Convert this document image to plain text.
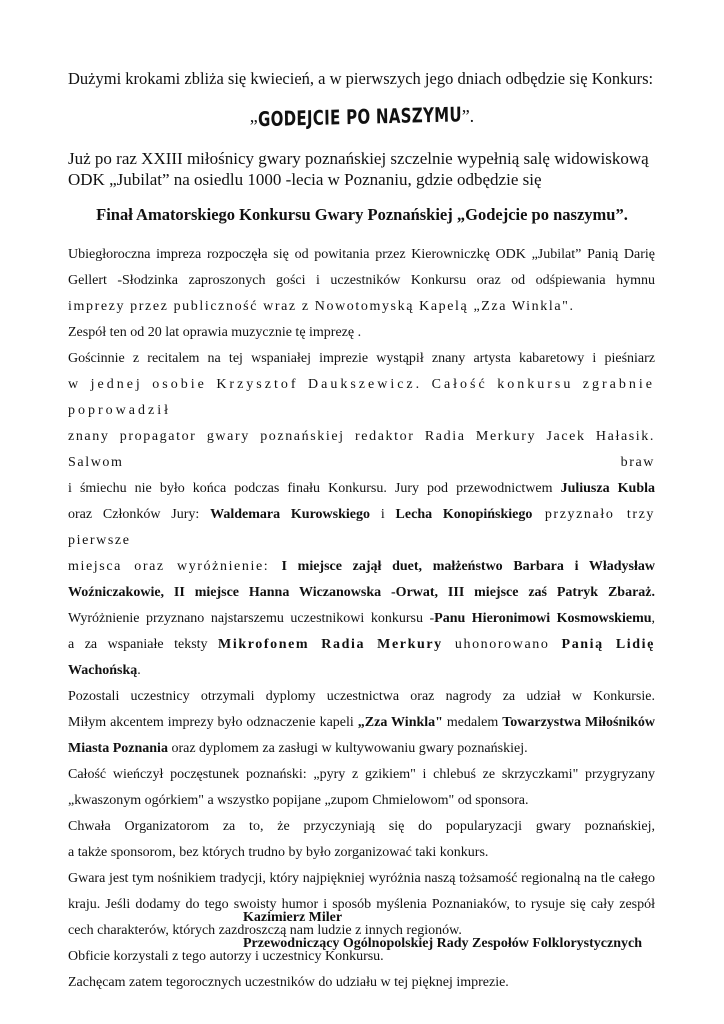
Dużymi krokami zbliża się kwiecień, a w pierwszych jego dniach odbędzie się Konkurs:
„GODEJCIE PO NASZYMU”.

Już po raz XXIII miłośnicy gwary poznańskiej szczelnie wypełnią salę widowiskową

ODK „Jubilat” na osiedlu 1000 -lecia w Poznaniu, gdzie odbędzie się

Finał Amatorskiego Konkursu Gwary Poznańskiej „Godejcie po naszymu”.

Ubiegłoroczna impreza rozpoczęła się od powitania przez Kierowniczkę ODK „Jubilat” Panią Darię

Gellert -Słodzinka zaproszonych gości i uczestników Konkursu oraz od odśpiewania hymnu

imprezy przez publiczność wraz z Nowotomyską Kapelą „Zza Winkla".

Zespół ten od 20 lat oprawia muzycznie tę imprezę .

Gościnnie z recitalem na tej wspaniałej imprezie wystąpił znany artysta kabaretowy i pieśniarz

w jednej osobie Krzysztof Daukszewicz. Całość konkursu zgrabnie poprowadził

znany propagator gwary poznańskiej redaktor Radia Merkury Jacek Hałasik. Salwom braw

i śmiechu nie było końca podczas finału Konkursu. Jury pod przewodnictwem Juliusza Kubla

oraz Członków Jury: Waldemara Kurowskiego i Lecha Konopińskiego przyznało trzy pierwsze

miejsca oraz wyróżnienie: I miejsce zajął duet, małżeństwo Barbara i Władysław

Woźniczakowie, II miejsce Hanna Wiczanowska -Orwat, III miejsce zaś Patryk Zbaraż.

Wyróżnienie przyznano najstarszemu uczestnikowi konkursu -Panu Hieronimowi Kosmowskiemu,

a za wspaniałe teksty Mikrofonem Radia Merkury uhonorowano Panią Lidię

Wachońską.

Pozostali uczestnicy otrzymali dyplomy uczestnictwa oraz nagrody za udział w Konkursie.

Miłym akcentem imprezy było odznaczenie kapeli „Zza Winkla" medalem Towarzystwa Miłośników

Miasta Poznania oraz dyplomem za zasługi w kultywowaniu gwary poznańskiej.

Całość wieńczył poczęstunek poznański: „pyry z gzikiem" i chlebuś ze skrzyczkami" przygryzany

„kwaszonym ogórkiem" a wszystko popijane „zupom Chmielowom" od sponsora.

Chwała Organizatorom za to, że przyczyniają się do popularyzacji gwary poznańskiej,

a także sponsorom, bez których trudno by było zorganizować taki konkurs.

Gwara jest tym nośnikiem tradycji, który najpiękniej wyróżnia naszą tożsamość regionalną na tle całego

kraju. Jeśli dodamy do tego swoisty humor i sposób myślenia Poznaniaków, to rysuje się cały zespół

cech charakterów, których zazdroszczą nam ludzie z innych regionów.

Obficie korzystali z tego autorzy i uczestnicy Konkursu.

Zachęcam zatem tegorocznych uczestników do udziału w tej pięknej imprezie.

Kazimierz Miler

Przewodniczący Ogólnopolskiej Rady Zespołów Folklorystycznych
